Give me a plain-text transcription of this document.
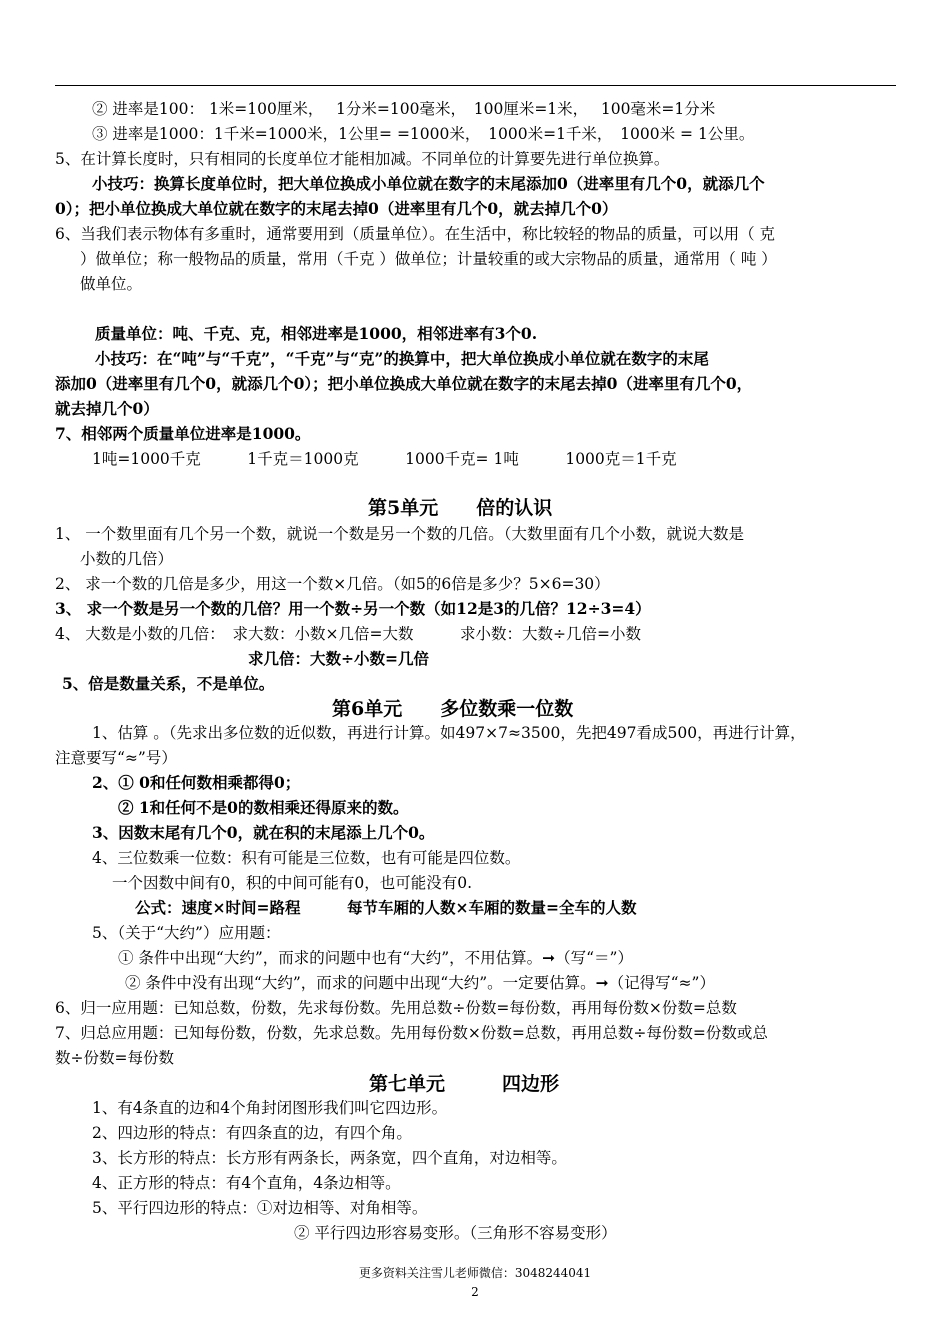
② 进率是100： 1米=100厘米，　 1分米=100毫米，　100厘米=1米，　 100毫米=1分米
③ 进率是1000：1千米=1000米，1公里= =1000米，　1000米=1千米，　1000米 = 1公里。
5、在计算长度时，只有相同的长度单位才能相加减。不同单位的计算要先进行单位换算。
小技巧：换算长度单位时，把大单位换成小单位就在数字的末尾添加0（进率里有几个0，就添几个
0）；把小单位换成大单位就在数字的末尾去掉0（进率里有几个0，就去掉几个0）
6、当我们表示物体有多重时，通常要用到（质量单位）。在生活中，称比较轻的物品的质量，可以用（ 克
）做单位；称一般物品的质量，常用（千克 ）做单位；计量较重的或大宗物品的质量，通常用（ 吨 ）
做单位。
质量单位：吨、千克、克，相邻进率是1000，相邻进率有3个0.
小技巧：在“吨”与“千克”，“千克”与“克”的换算中，把大单位换成小单位就在数字的末尾
添加0（进率里有几个0，就添几个0）；把小单位换成大单位就在数字的末尾去掉0（进率里有几个0，
就去掉几个0）
7、相邻两个质量单位进率是1000。
1吨=1000千克　　　1千克＝1000克　　　1000千克= 1吨　　　1000克＝1千克
第5单元　　倍的认识
1、 一个数里面有几个另一个数，就说一个数是另一个数的几倍。（大数里面有几个小数，就说大数是
小数的几倍）
2、 求一个数的几倍是多少，用这一个数×几倍。（如5的6倍是多少？5×6=30）
3、 求一个数是另一个数的几倍？用一个数÷另一个数（如12是3的几倍？12÷3=4）
4、 大数是小数的几倍：　求大数：小数×几倍=大数　　　求小数：大数÷几倍=小数
求几倍：大数÷小数=几倍
5、倍是数量关系，不是单位。
第6单元　　多位数乘一位数
1、估算 。（先求出多位数的近似数，再进行计算。如497×7≈3500，先把497看成500，再进行计算，
注意要写“≈”号）
2、① 0和任何数相乘都得0；
② 1和任何不是0的数相乘还得原来的数。
3、因数末尾有几个0，就在积的末尾添上几个0。
4、三位数乘一位数：积有可能是三位数，也有可能是四位数。
一个因数中间有0，积的中间可能有0，也可能没有0.
公式：速度×时间=路程　　　每节车厢的人数×车厢的数量=全车的人数
5、（关于“大约”）应用题：
① 条件中出现“大约”，而求的问题中也有“大约”，不用估算。➞（写“＝”）
② 条件中没有出现“大约”，而求的问题中出现“大约”。一定要估算。➞（记得写“≈”）
6、归一应用题：已知总数，份数，先求每份数。先用总数÷份数=每份数，再用每份数×份数=总数
7、归总应用题：已知每份数，份数，先求总数。先用每份数×份数=总数，再用总数÷每份数=份数或总
数÷份数=每份数
第七单元　　　四边形
1、有4条直的边和4个角封闭图形我们叫它四边形。
2、四边形的特点：有四条直的边，有四个角。
3、长方形的特点：长方形有两条长，两条宽，四个直角，对边相等。
4、正方形的特点：有4个直角，4条边相等。
5、平行四边形的特点：①对边相等、对角相等。
② 平行四边形容易变形。（三角形不容易变形）
更多资料关注雪儿老师微信：3048244041
2
